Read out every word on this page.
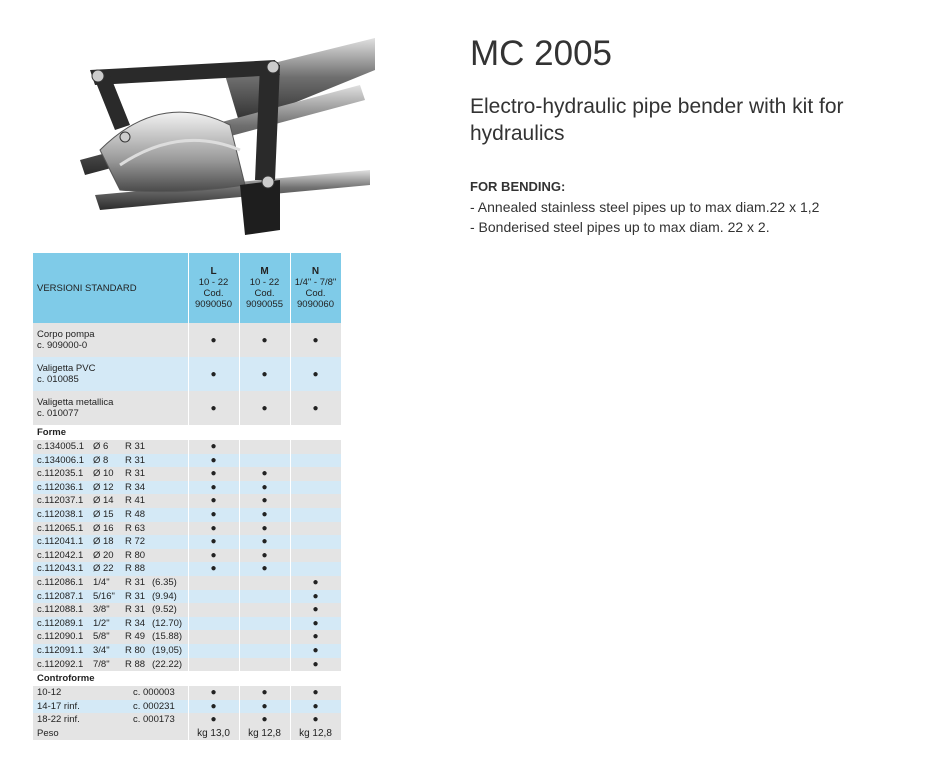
MC 2005
Electro-hydraulic pipe bender with kit for hydraulics
FOR BENDING:
- Annealed stainless steel pipes up to max diam.22 x 1,2
- Bonderised steel pipes up to max diam. 22 x 2.
VERSIONI STANDARD	L
10 - 22
Cod.
9090050	M
10 - 22
Cod.
9090055	N
1/4" - 7/8"
Cod.
9090060
Corpo pompa
c. 909000-0	●	●	●
Valigetta PVC
c. 010085	●	●	●
Valigetta metallica
c. 010077	●	●	●
Forme			
c.134005.1 Ø 6 R 31	●		
c.134006.1 Ø 8 R 31	●		
c.112035.1 Ø 10 R 31	●	●	
c.112036.1 Ø 12 R 34	●	●	
c.112037.1 Ø 14 R 41	●	●	
c.112038.1 Ø 15 R 48	●	●	
c.112065.1 Ø 16 R 63	●	●	
c.112041.1 Ø 18 R 72	●	●	
c.112042.1 Ø 20 R 80	●	●	
c.112043.1 Ø 22 R 88	●	●	
c.112086.1 1/4" R 31 (6.35)			●
c.112087.1 5/16" R 31 (9.94)			●
c.112088.1 3/8" R 31 (9.52)			●
c.112089.1 1/2" R 34 (12.70)			●
c.112090.1 5/8" R 49 (15.88)			●
c.112091.1 3/4" R 80 (19,05)			●
c.112092.1 7/8" R 88 (22.22)			●
Controforme			
10-12 c. 000003	●	●	●
14-17 rinf. c. 000231	●	●	●
18-22 rinf. c. 000173	●	●	●
Peso	kg 13,0	kg 12,8	kg 12,8
